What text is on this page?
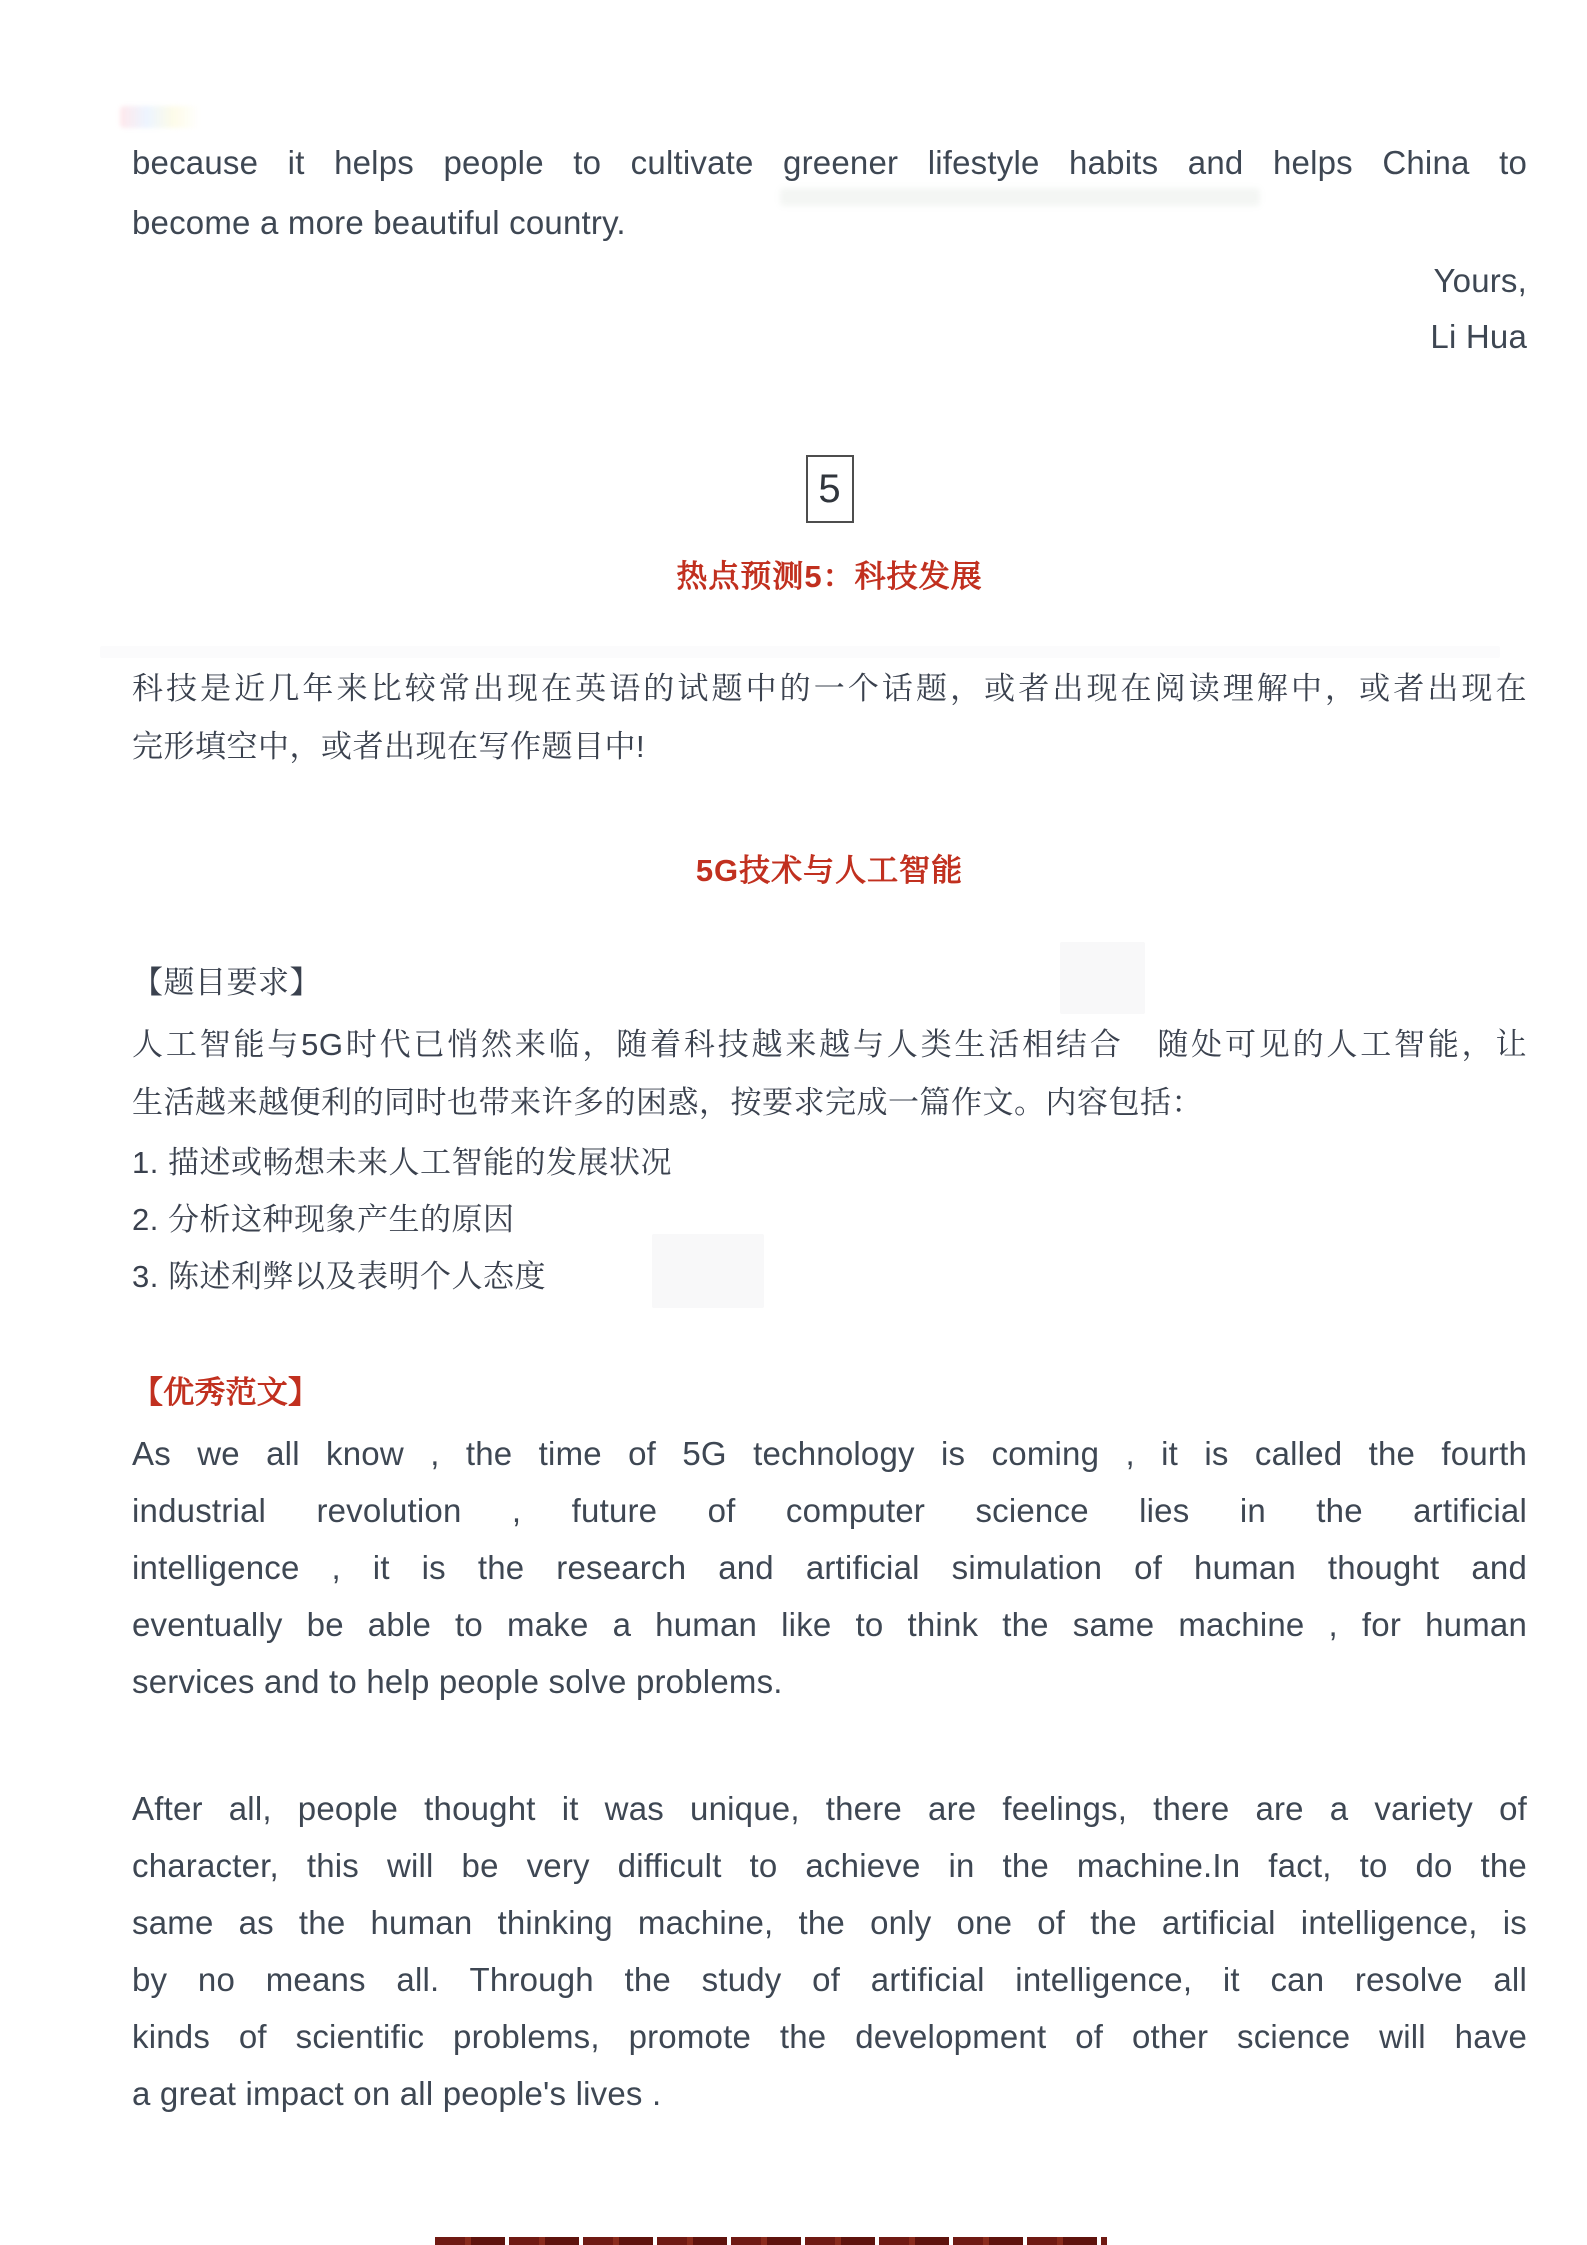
because it helps people to cultivate greener lifestyle habits and helps China to
become a more beautiful country.
Yours,
Li Hua
5
热点预测5：科技发展
科技是近几年来比较常出现在英语的试题中的一个话题，或者出现在阅读理解中，或者出现在
完形填空中，或者出现在写作题目中!
5G技术与人工智能
【题目要求】
人工智能与5G时代已悄然来临，随着科技越来越与人类生活相结合　随处可见的人工智能，让
生活越来越便利的同时也带来许多的困惑，按要求完成一篇作文。内容包括：
1. 描述或畅想未来人工智能的发展状况
2. 分析这种现象产生的原因
3. 陈述利弊以及表明个人态度
【优秀范文】
As we all know , the time of 5G technology is coming , it is called the fourth
industrial revolution , future of computer science lies in the artificial
intelligence , it is the research and artificial simulation of human thought and
eventually be able to make a human like to think the same machine , for human
services and to help people solve problems.
After all, people thought it was unique, there are feelings, there are a variety of
character, this will be very difficult to achieve in the machine.In fact, to do the
same as the human thinking machine, the only one of the artificial intelligence, is
by no means all. Through the study of artificial intelligence, it can resolve all
kinds of scientific problems, promote the development of other science will have
a great impact on all people's lives .
